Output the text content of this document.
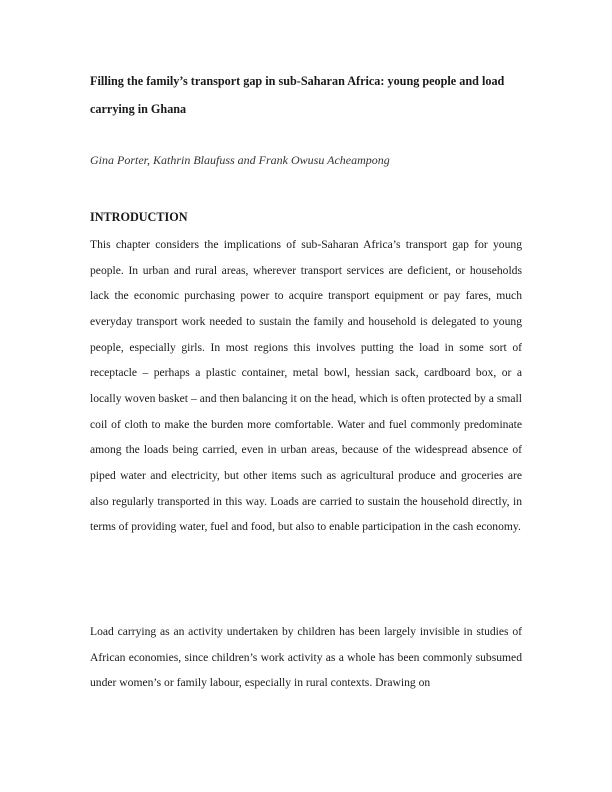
Filling the family’s transport gap in sub-Saharan Africa: young people and load carrying in Ghana

Gina Porter, Kathrin Blaufuss and Frank Owusu Acheampong

INTRODUCTION

This chapter considers the implications of sub-Saharan Africa’s transport gap for young people. In urban and rural areas, wherever transport services are deficient, or households lack the economic purchasing power to acquire transport equipment or pay fares, much everyday transport work needed to sustain the family and household is delegated to young people, especially girls. In most regions this involves putting the load in some sort of receptacle – perhaps a plastic container, metal bowl, hessian sack, cardboard box, or a locally woven basket – and then balancing it on the head, which is often protected by a small coil of cloth to make the burden more comfortable. Water and fuel commonly predominate among the loads being carried, even in urban areas, because of the widespread absence of piped water and electricity, but other items such as agricultural produce and groceries are also regularly transported in this way. Loads are carried to sustain the household directly, in terms of providing water, fuel and food, but also to enable participation in the cash economy.

Load carrying as an activity undertaken by children has been largely invisible in studies of African economies, since children’s work activity as a whole has been commonly subsumed under women’s or family labour, especially in rural contexts. Drawing on
